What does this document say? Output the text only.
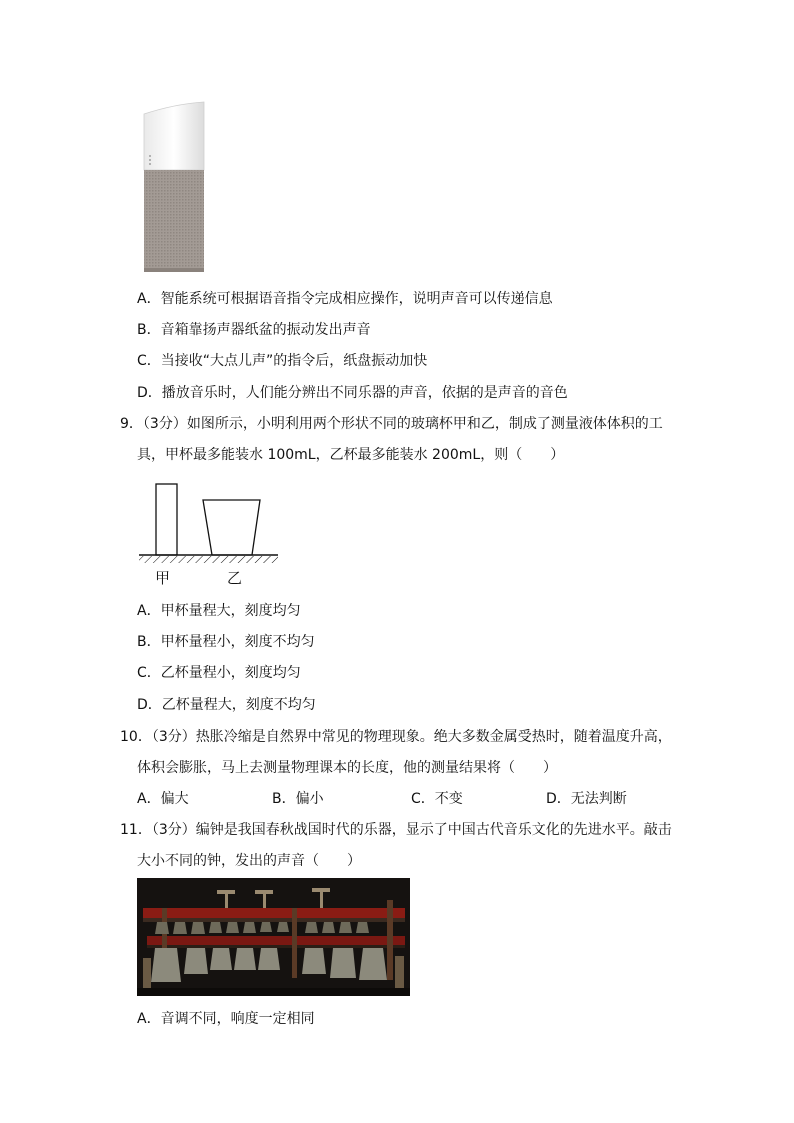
A．智能系统可根据语音指令完成相应操作，说明声音可以传递信息
B．音箱靠扬声器纸盆的振动发出声音
C．当接收“大点儿声”的指令后，纸盘振动加快
D．播放音乐时，人们能分辨出不同乐器的声音，依据的是声音的音色
9．（3分）如图所示，小明利用两个形状不同的玻璃杯甲和乙，制成了测量液体体积的工
具，甲杯最多能装水 100mL，乙杯最多能装水 200mL，则（　　）
甲	乙
A．甲杯量程大，刻度均匀
B．甲杯量程小，刻度不均匀
C．乙杯量程小，刻度均匀
D．乙杯量程大，刻度不均匀
10．（3分）热胀冷缩是自然界中常见的物理现象。绝大多数金属受热时，随着温度升高，
体积会膨胀，马上去测量物理课本的长度，他的测量结果将（　　）
A．偏大	B．偏小	C．不变	D．无法判断
11．（3分）编钟是我国春秋战国时代的乐器，显示了中国古代音乐文化的先进水平。敲击
大小不同的钟，发出的声音（　　）
A．音调不同，响度一定相同
